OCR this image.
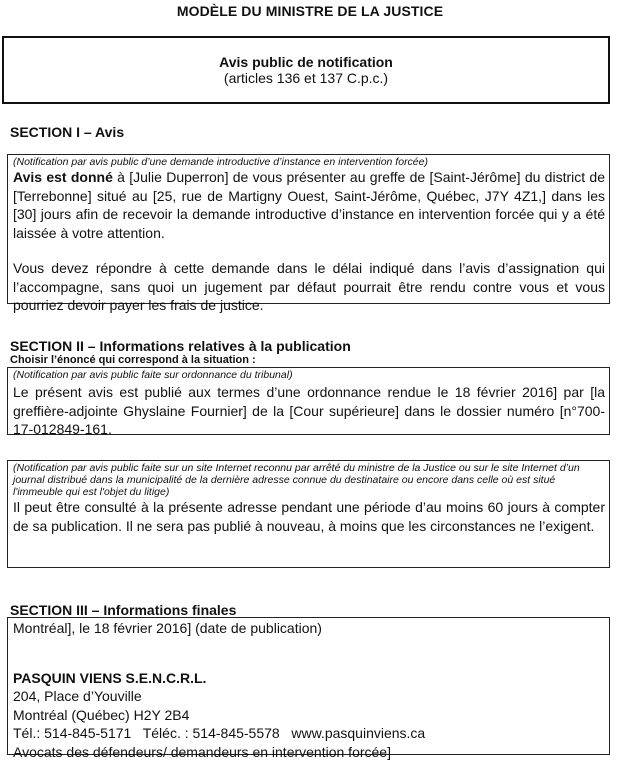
MODÈLE DU MINISTRE DE LA JUSTICE
Avis public de notification
(articles 136 et 137 C.p.c.)
SECTION I – Avis

(Notification par avis public d’une demande introductive d’instance en intervention forcée)

Avis est donné à [Julie Duperron] de vous présenter au greffe de [Saint-Jérôme] du district de [Terrebonne] situé au [25, rue de Martigny Ouest, Saint-Jérôme, Québec, J7Y 4Z1,] dans les [30] jours afin de recevoir la demande introductive d’instance en intervention forcée qui y a été laissée à votre attention.

Vous devez répondre à cette demande dans le délai indiqué dans l’avis d’assignation qui l’accompagne, sans quoi un jugement par défaut pourrait être rendu contre vous et vous pourriez devoir payer les frais de justice.

SECTION II – Informations relatives à la publication
Choisir l’énoncé qui correspond à la situation :

(Notification par avis public faite sur ordonnance du tribunal)

Le présent avis est publié aux termes d’une ordonnance rendue le 18 février 2016] par [la greffière-adjointe Ghyslaine Fournier] de la [Cour supérieure] dans le dossier numéro [n°700-17-012849-161.

(Notification par avis public faite sur un site Internet reconnu par arrêté du ministre de la Justice ou sur le site Internet d’un journal distribué dans la municipalité de la dernière adresse connue du destinataire ou encore dans celle où est situé l'immeuble qui est l'objet du litige)

Il peut être consulté à la présente adresse pendant une période d’au moins 60 jours à compter de sa publication. Il ne sera pas publié à nouveau, à moins que les circonstances ne l’exigent.

SECTION III – Informations finales

Montréal], le 18 février 2016] (date de publication)

PASQUIN VIENS S.E.N.C.R.L.

204, Place d’Youville

Montréal (Québec) H2Y 2B4

Tél.: 514-845-5171   Téléc. : 514-845-5578   www.pasquinviens.ca

Avocats des défendeurs/ demandeurs en intervention forcée]
